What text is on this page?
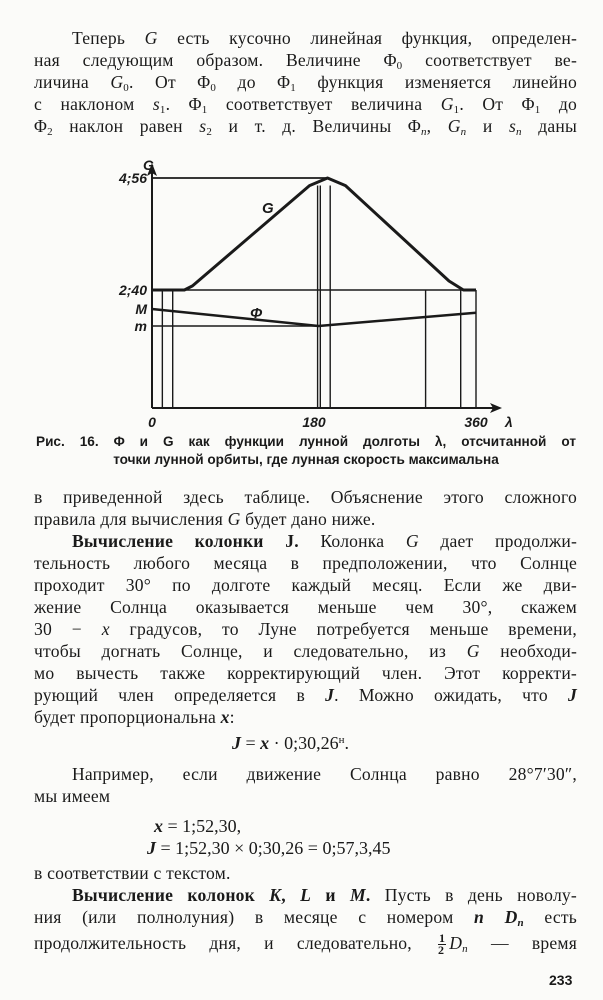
Теперь G есть кусочно линейная функция, определен-
ная следующим образом. Величине $\Phi_0$ соответствует ве-
личина $G_0$. От $\Phi_0$ до $\Phi_1$ функция изменяется линейно
с наклоном $s_1$. $\Phi_1$ соответствует величина $G_1$. От $\Phi_1$ до
$\Phi_2$ наклон равен $s_2$ и т. д. Величины $\Phi_n$, $G_n$ и $s_n$ даны
G
λ
4;56
2;40
M
m
0	180	360
G
Φ
Рис. 16. Φ и G как функции лунной долготы λ, отсчитанной от
точки лунной орбиты, где лунная скорость максимальна
в приведенной здесь таблице. Объяснение этого сложного
правила для вычисления G будет дано ниже.
Вычисление колонки J. Колонка G дает продолжи-
тельность любого месяца в предположении, что Солнце
проходит 30° по долготе каждый месяц. Если же дви-
жение Солнца оказывается меньше чем 30°, скажем
30 − x градусов, то Луне потребуется меньше времени,
чтобы догнать Солнце, и следовательно, из G необходи-
мо вычесть также корректирующий член. Этот корректи-
рующий член определяется в J. Можно ожидать, что J
будет пропорциональна x:
$J = x \cdot 0;30,26^н$.
Например, если движение Солнца равно 28°7′30″,
мы имеем
x = 1;52,30,
J = 1;52,30 × 0;30,26 = 0;57,3,45
в соответствии с текстом.
Вычисление колонок K, L и M. Пусть в день новолу-
ния (или полнолуния) в месяце с номером n $D_n$ есть
продолжительность дня, и следовательно, $\frac{1}{2} D_n$ — время
233
